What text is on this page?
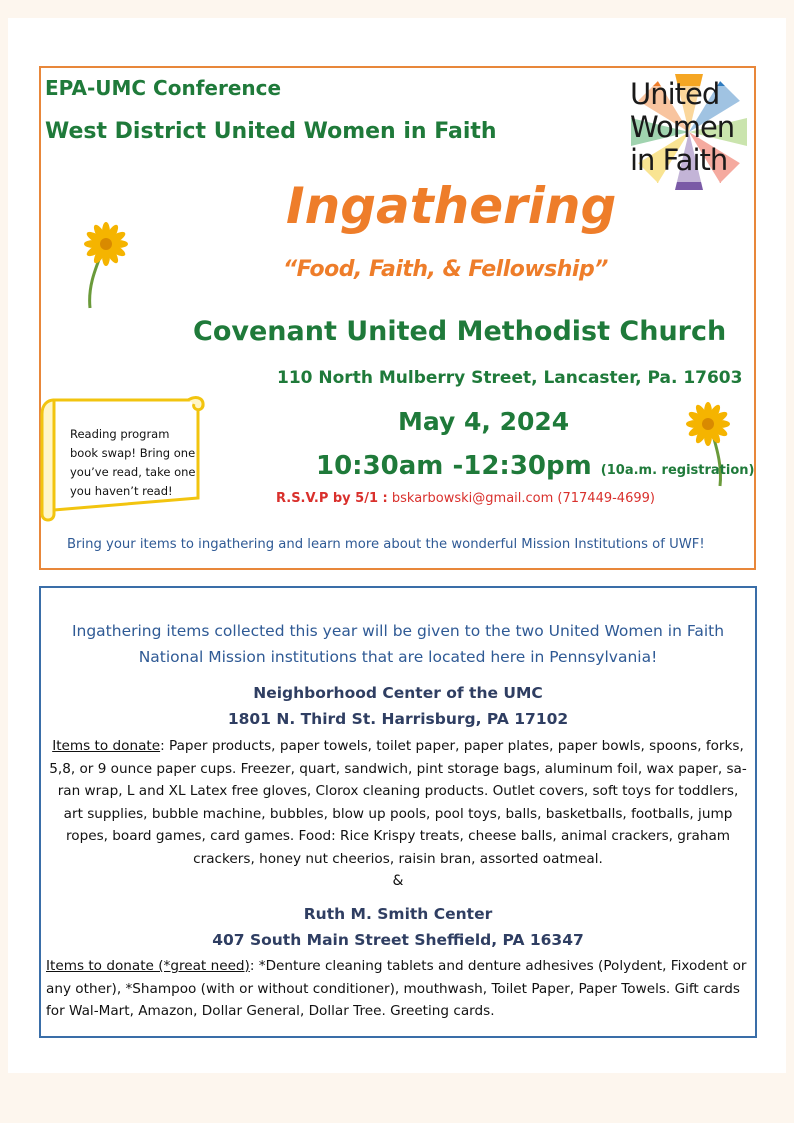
EPA-UMC Conference

West District United Women in Faith

United
Women
in Faith

Ingathering

“Food, Faith, & Fellowship”

Covenant United Methodist Church

110 North Mulberry Street, Lancaster, Pa. 17603

Reading program
book swap! Bring one
you’ve read, take one
you haven’t read!

May 4, 2024

10:30am -12:30pm (10a.m. registration)

R.S.V.P by 5/1 : bskarbowski@gmail.com (717449-4699)

Bring your items to ingathering and learn more about the wonderful Mission Institutions of UWF!

Ingathering items collected this year will be given to the two United Women in Faith
National Mission institutions that are located here in Pennsylvania!
Neighborhood Center of the UMC
1801 N. Third St. Harrisburg, PA 17102
Items to donate: Paper products, paper towels, toilet paper, paper plates, paper bowls, spoons, forks,
5,8, or 9 ounce paper cups. Freezer, quart, sandwich, pint storage bags, aluminum foil, wax paper, sa-
ran wrap, L and XL Latex free gloves, Clorox cleaning products. Outlet covers, soft toys for toddlers,
art supplies, bubble machine, bubbles, blow up pools, pool toys, balls, basketballs, footballs, jump
ropes, board games, card games. Food: Rice Krispy treats, cheese balls, animal crackers, graham
crackers, honey nut cheerios, raisin bran, assorted oatmeal.
&
Ruth M. Smith Center
407 South Main Street Sheffield, PA 16347
Items to donate (*great need): *Denture cleaning tablets and denture adhesives (Polydent, Fixodent or
any other), *Shampoo (with or without conditioner), mouthwash, Toilet Paper, Paper Towels. Gift cards
for Wal-Mart, Amazon, Dollar General, Dollar Tree. Greeting cards.
